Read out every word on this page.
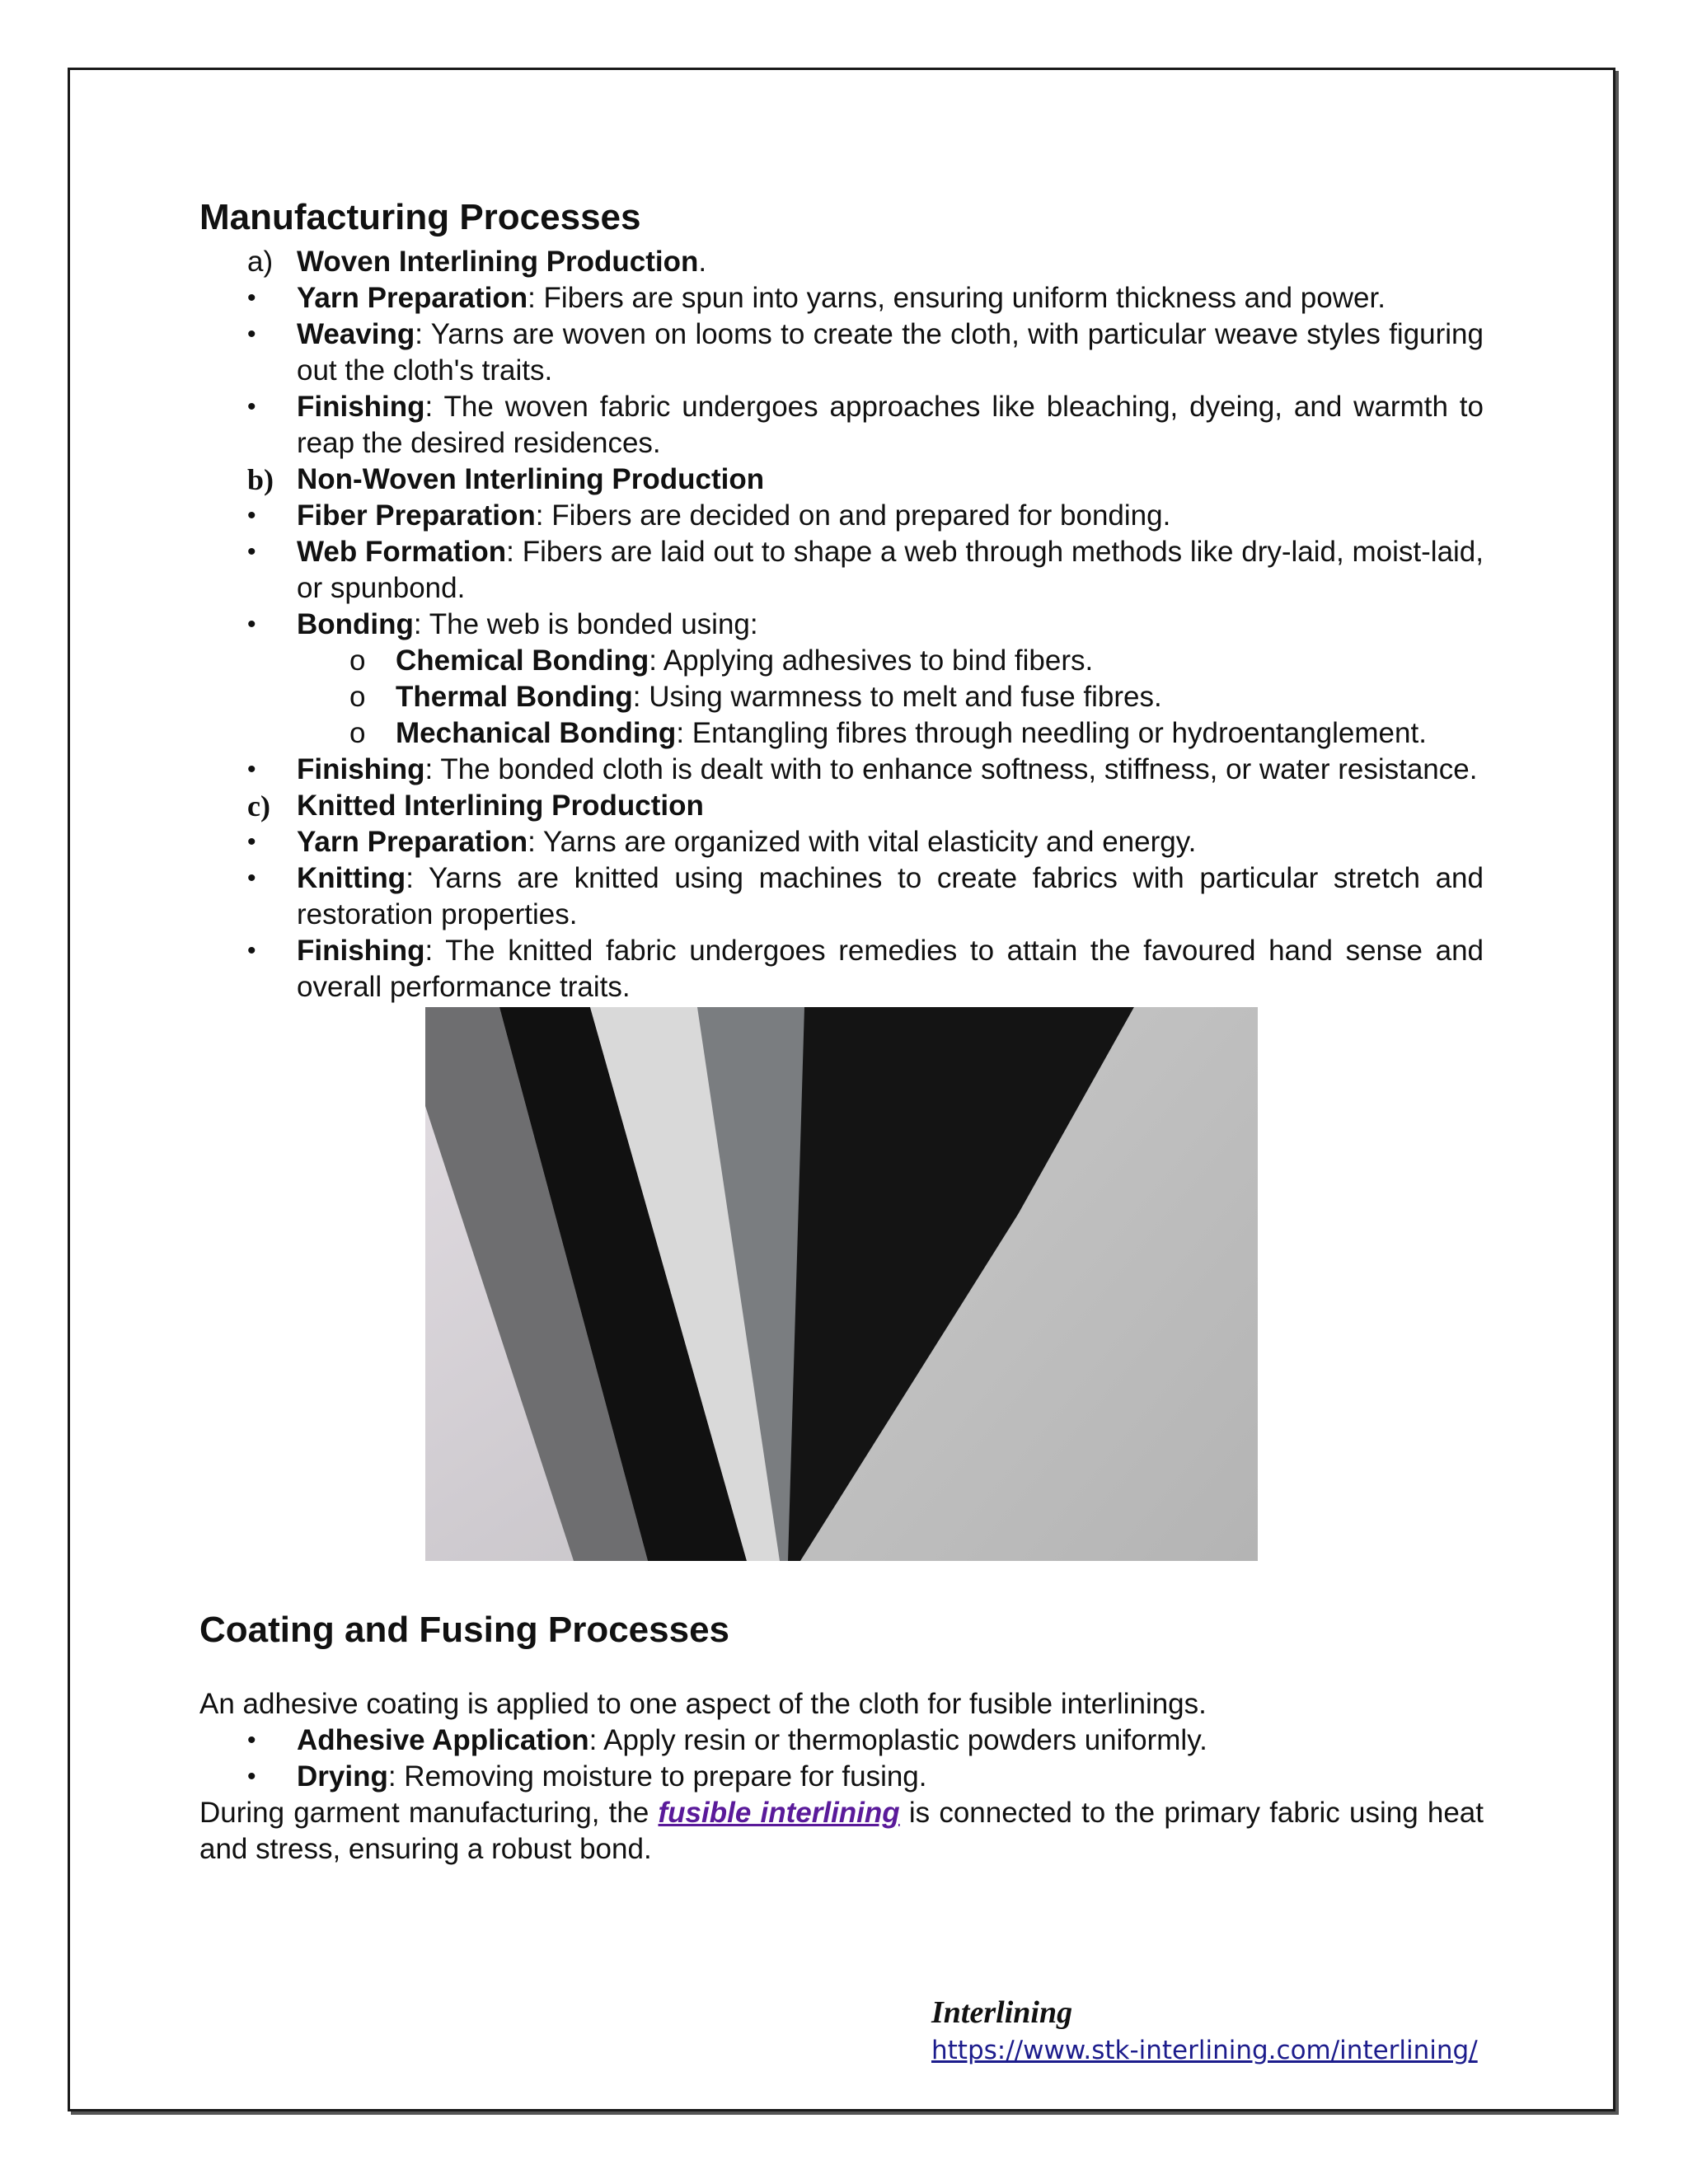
Manufacturing Processes
a) Woven Interlining Production.
• Yarn Preparation: Fibers are spun into yarns, ensuring uniform thickness and power.
• Weaving: Yarns are woven on looms to create the cloth, with particular weave styles figuring out the cloth's traits.
• Finishing: The woven fabric undergoes approaches like bleaching, dyeing, and warmth to reap the desired residences.
b) Non-Woven Interlining Production
• Fiber Preparation: Fibers are decided on and prepared for bonding.
• Web Formation: Fibers are laid out to shape a web through methods like dry-laid, moist-laid, or spunbond.
• Bonding: The web is bonded using:
o Chemical Bonding: Applying adhesives to bind fibers.
o Thermal Bonding: Using warmness to melt and fuse fibres.
o Mechanical Bonding: Entangling fibres through needling or hydroentanglement.
• Finishing: The bonded cloth is dealt with to enhance softness, stiffness, or water resistance.
c) Knitted Interlining Production
• Yarn Preparation: Yarns are organized with vital elasticity and energy.
• Knitting: Yarns are knitted using machines to create fabrics with particular stretch and restoration properties.
• Finishing: The knitted fabric undergoes remedies to attain the favoured hand sense and overall performance traits.
Coating and Fusing Processes

An adhesive coating is applied to one aspect of the cloth for fusible interlinings.

• Adhesive Application: Apply resin or thermoplastic powders uniformly.
• Drying: Removing moisture to prepare for fusing.

During garment manufacturing, the fusible interlining is connected to the primary fabric using heat and stress, ensuring a robust bond.

Interlining
https://www.stk-interlining.com/interlining/
